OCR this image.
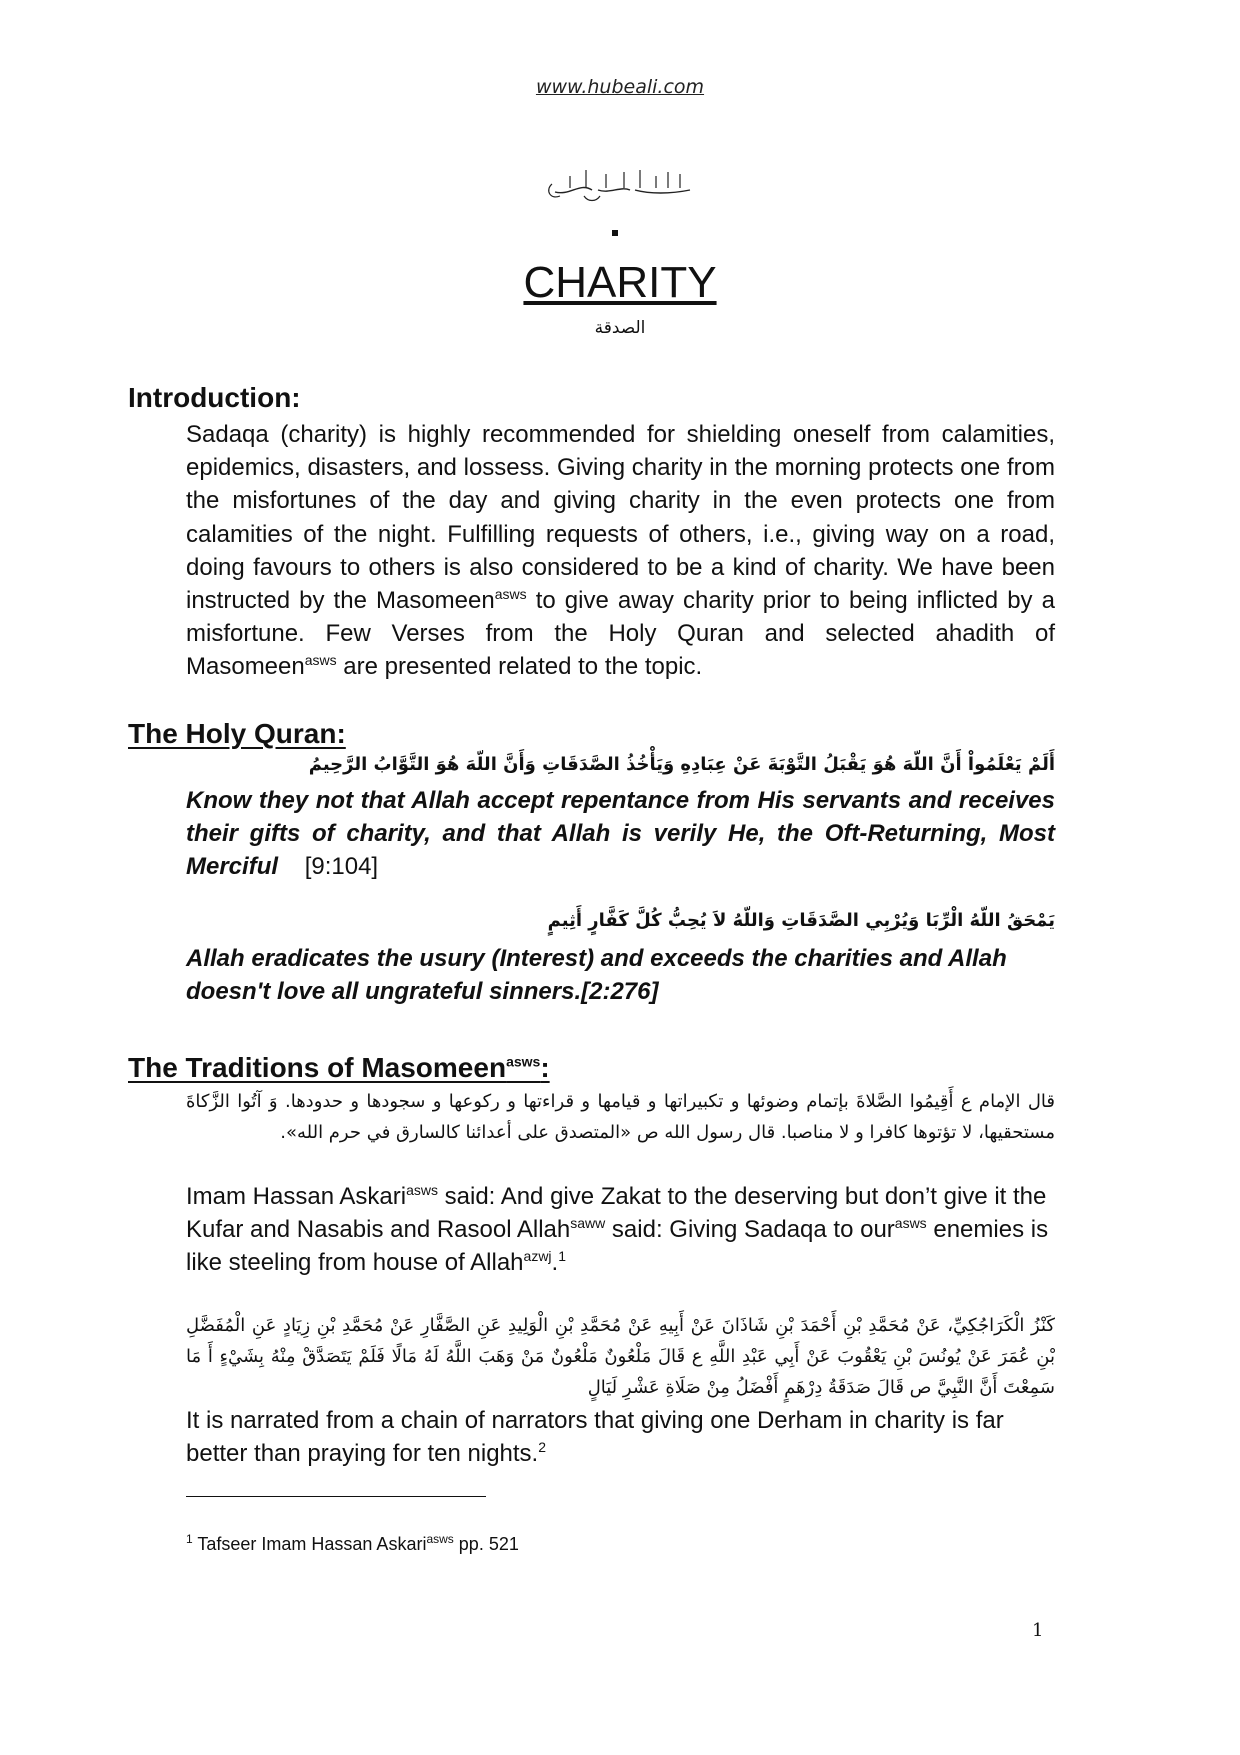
www.hubeali.com
CHARITY
الصدقة
Introduction:

Sadaqa (charity) is highly recommended for shielding oneself from calamities, epidemics, disasters, and lossess. Giving charity in the morning protects one from the misfortunes of the day and giving charity in the even protects one from calamities of the night. Fulfilling requests of others, i.e., giving way on a road, doing favours to others is also considered to be a kind of charity. We have been instructed by the Masomeen$^{asws}$ to give away charity prior to being inflicted by a misfortune. Few Verses from the Holy Quran and selected ahadith of Masomeen$^{asws}$ are presented related to the topic.

The Holy Quran:

أَلَمْ يَعْلَمُواْ أَنَّ اللّهَ هُوَ يَقْبَلُ التَّوْبَةَ عَنْ عِبَادِهِ وَيَأْخُذُ الصَّدَقَاتِ وَأَنَّ اللّهَ هُوَ التَّوَّابُ الرَّحِيمُ

Know they not that Allah accept repentance from His servants and receives their gifts of charity, and that Allah is verily He, the Oft-Returning, Most Merciful [9:104]

يَمْحَقُ اللّهُ الْرِّبَا وَيُرْبِي الصَّدَقَاتِ وَاللّهُ لاَ يُحِبُّ كُلَّ كَفَّارٍ أَثِيمٍ

Allah eradicates the usury (Interest) and exceeds the charities and Allah doesn't love all ungrateful sinners.[2:276]

The Traditions of Masomeen$^{asws}$:

قال الإمام ع أَقِيمُوا الصَّلاةَ بإتمام وضوئها و تكبيراتها و قيامها و قراءتها و ركوعها و سجودها و حدودها. وَ آتُوا الزَّكاةَ مستحقيها، لا تؤتوها كافرا و لا مناصبا. قال رسول الله ص «المتصدق على أعدائنا كالسارق في حرم الله».

Imam Hassan Askari$^{asws}$ said: And give Zakat to the deserving but don’t give it the Kufar and Nasabis and Rasool Allah$^{saww}$ said: Giving Sadaqa to our$^{asws}$ enemies is like steeling from house of Allah$^{azwj}$.$^1$

كَنْزُ الْكَرَاجُكِيِّ، عَنْ مُحَمَّدِ بْنِ أَحْمَدَ بْنِ شَاذَانَ عَنْ أَبِيهِ عَنْ مُحَمَّدِ بْنِ الْوَلِيدِ عَنِ الصَّفَّارِ عَنْ مُحَمَّدِ بْنِ زِيَادٍ عَنِ الْمُفَضَّلِ بْنِ عُمَرَ عَنْ يُونُسَ بْنِ يَعْقُوبَ عَنْ أَبِي عَبْدِ اللَّهِ ع قَالَ مَلْعُونٌ مَلْعُونٌ مَنْ وَهَبَ اللَّهُ لَهُ مَالًا فَلَمْ يَتَصَدَّقْ مِنْهُ بِشَيْءٍ أَ مَا سَمِعْتَ أَنَّ النَّبِيَّ ص قَالَ صَدَقَةُ دِرْهَمٍ أَفْضَلُ مِنْ صَلَاةِ عَشْرِ لَيَالٍ

It is narrated from a chain of narrators that giving one Derham in charity is far better than praying for ten nights.$^2$

$^1$ Tafseer Imam Hassan Askari$^{asws}$ pp. 521
1
